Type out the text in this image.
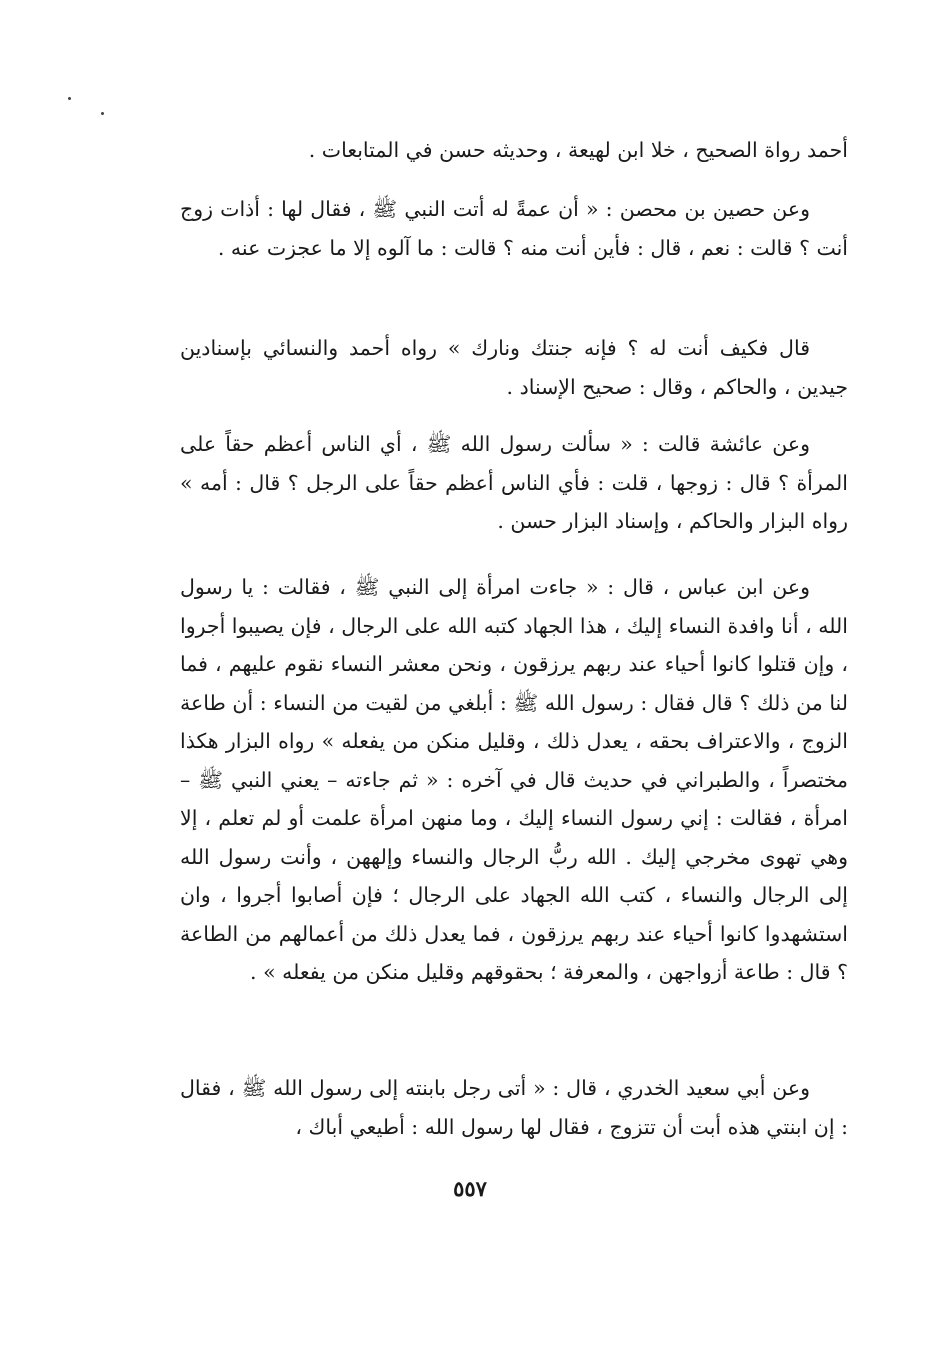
أحمد رواة الصحيح ، خلا ابن لهيعة ، وحديثه حسن في المتابعات .

وعن حصين بن محصن : « أن عمةً له أتت النبي ﷺ ، فقال لها : أذات زوج أنت ؟ قالت : نعم ، قال : فأين أنت منه ؟ قالت : ما آلوه إلا ما عجزت عنه .

قال فكيف أنت له ؟ فإنه جنتك ونارك » رواه أحمد والنسائي بإسنادين جيدين ، والحاكم ، وقال : صحيح الإسناد .

وعن عائشة قالت : « سألت رسول الله ﷺ ، أي الناس أعظم حقاً على المرأة ؟ قال : زوجها ، قلت : فأي الناس أعظم حقاً على الرجل ؟ قال : أمه » رواه البزار والحاكم ، وإسناد البزار حسن .

وعن ابن عباس ، قال : « جاءت امرأة إلى النبي ﷺ ، فقالت : يا رسول الله ، أنا وافدة النساء إليك ، هذا الجهاد كتبه الله على الرجال ، فإن يصيبوا أجروا ، وإن قتلوا كانوا أحياء عند ربهم يرزقون ، ونحن معشر النساء نقوم عليهم ، فما لنا من ذلك ؟ قال فقال : رسول الله ﷺ : أبلغي من لقيت من النساء : أن طاعة الزوج ، والاعتراف بحقه ، يعدل ذلك ، وقليل منكن من يفعله » رواه البزار هكذا مختصراً ، والطبراني في حديث قال في آخره : « ثم جاءته – يعني النبي ﷺ – امرأة ، فقالت : إني رسول النساء إليك ، وما منهن امرأة علمت أو لم تعلم ، إلا وهي تهوى مخرجي إليك . الله ربُّ الرجال والنساء وإلههن ، وأنت رسول الله إلى الرجال والنساء ، كتب الله الجهاد على الرجال ؛ فإن أصابوا أجروا ، وان استشهدوا كانوا أحياء عند ربهم يرزقون ، فما يعدل ذلك من أعمالهم من الطاعة ؟ قال : طاعة أزواجهن ، والمعرفة ؛ بحقوقهم وقليل منكن من يفعله » .

وعن أبي سعيد الخدري ، قال : « أتى رجل بابنته إلى رسول الله ﷺ ، فقال : إن ابنتي هذه أبت أن تتزوج ، فقال لها رسول الله : أطيعي أباك ،

٥٥٧
